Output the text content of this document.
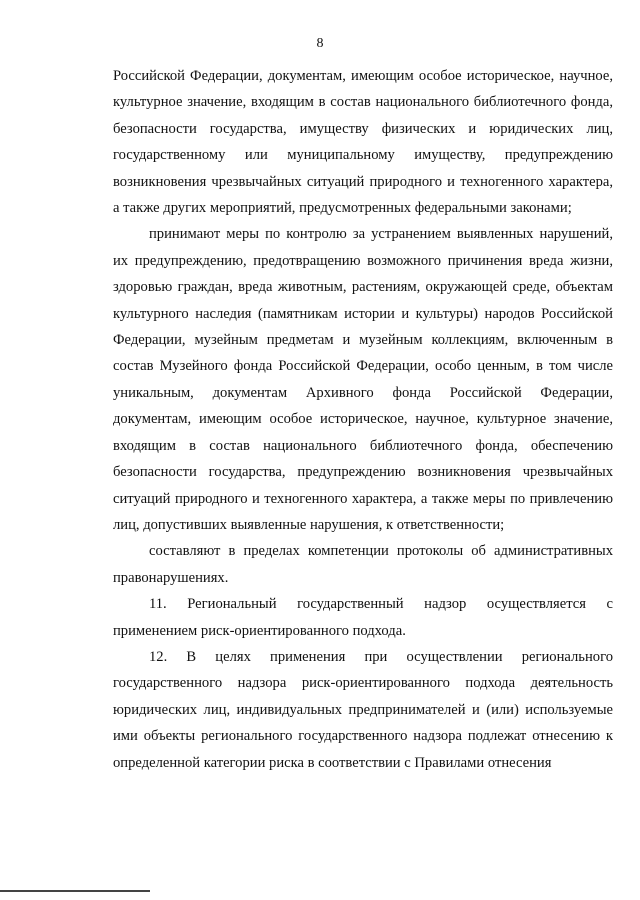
8

Российской Федерации, документам, имеющим особое историческое, научное, культурное значение, входящим в состав национального библиотечного фонда, безопасности государства, имуществу физических и юридических лиц, государственному или муниципальному имуществу, предупреждению возникновения чрезвычайных ситуаций природного и техногенного характера, а также других мероприятий, предусмотренных федеральными законами;

принимают меры по контролю за устранением выявленных нарушений, их предупреждению, предотвращению возможного причинения вреда жизни, здоровью граждан, вреда животным, растениям, окружающей среде, объектам культурного наследия (памятникам истории и культуры) народов Российской Федерации, музейным предметам и музейным коллекциям, включенным в состав Музейного фонда Российской Федерации, особо ценным, в том числе уникальным, документам Архивного фонда Российской Федерации, документам, имеющим особое историческое, научное, культурное значение, входящим в состав национального библиотечного фонда, обеспечению безопасности государства, предупреждению возникновения чрезвычайных ситуаций природного и техногенного характера, а также меры по привлечению лиц, допустивших выявленные нарушения, к ответственности;

составляют в пределах компетенции протоколы об административных правонарушениях.

11. Региональный государственный надзор осуществляется с применением риск-ориентированного подхода.

12. В целях применения при осуществлении регионального государственного надзора риск-ориентированного подхода деятельность юридических лиц, индивидуальных предпринимателей и (или) используемые ими объекты регионального государственного надзора подлежат отнесению к определенной категории риска в соответствии с Правилами отнесения
